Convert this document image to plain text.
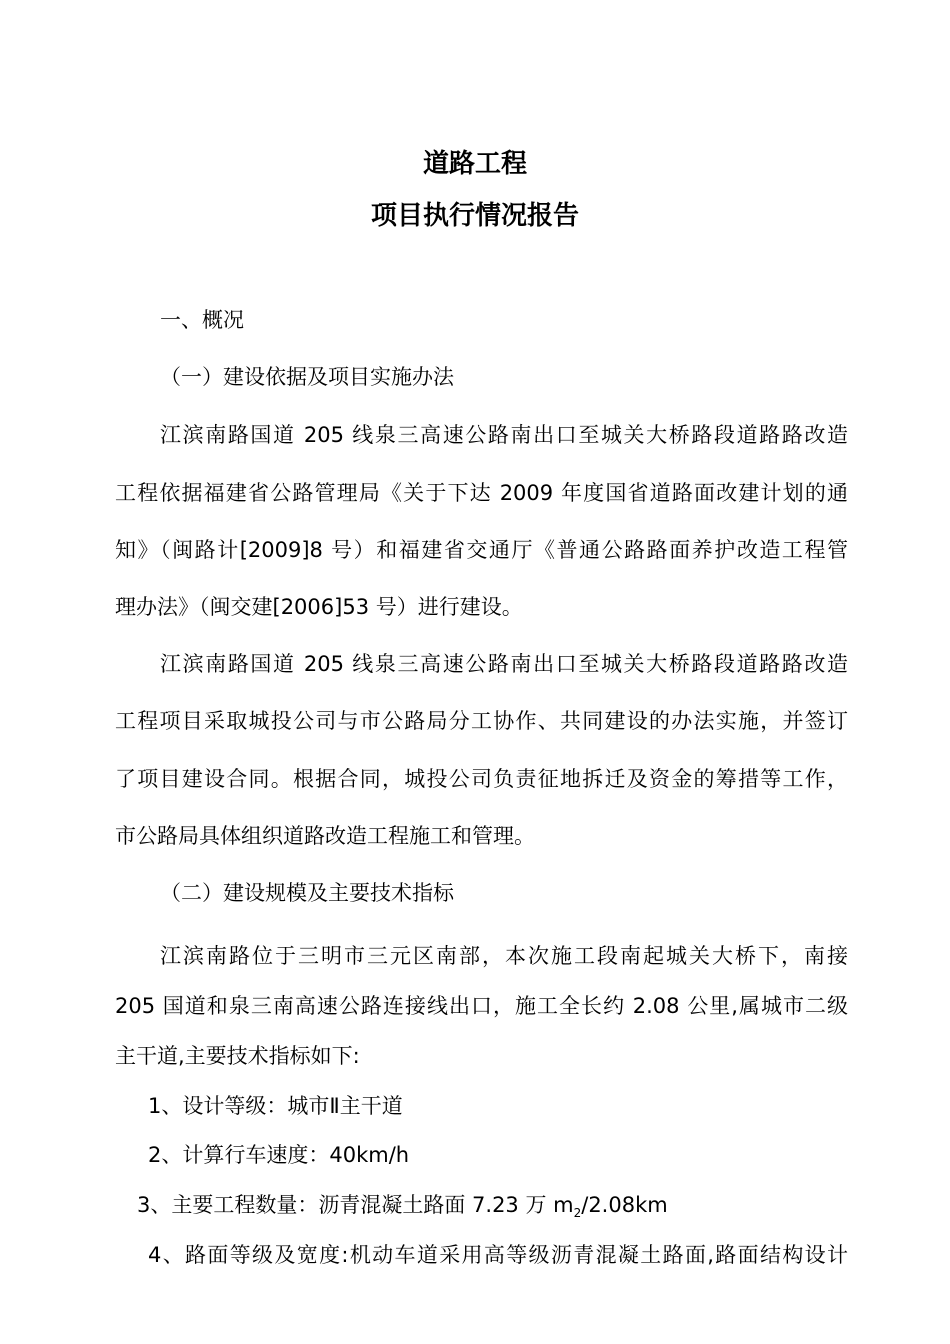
道路工程
项目执行情况报告
一、概况
（一）建设依据及项目实施办法
江滨南路国道 205 线泉三高速公路南出口至城关大桥路段道路路改造
工程依据福建省公路管理局《关于下达 2009 年度国省道路面改建计划的通
知》（闽路计[2009]8 号）和福建省交通厅《普通公路路面养护改造工程管
理办法》（闽交建[2006]53 号）进行建设。
江滨南路国道 205 线泉三高速公路南出口至城关大桥路段道路路改造
工程项目采取城投公司与市公路局分工协作、共同建设的办法实施，并签订
了项目建设合同。根据合同，城投公司负责征地拆迁及资金的筹措等工作，
市公路局具体组织道路改造工程施工和管理。
（二）建设规模及主要技术指标
江滨南路位于三明市三元区南部，本次施工段南起城关大桥下，南接
205 国道和泉三南高速公路连接线出口，施工全长约 2.08 公里,属城市二级
主干道,主要技术指标如下:
1、设计等级：城市Ⅱ主干道
2、计算行车速度：40km/h
3、主要工程数量：沥青混凝土路面 7.23 万 $m_2/2.08km$
4、路面等级及宽度:机动车道采用高等级沥青混凝土路面,路面结构设计
